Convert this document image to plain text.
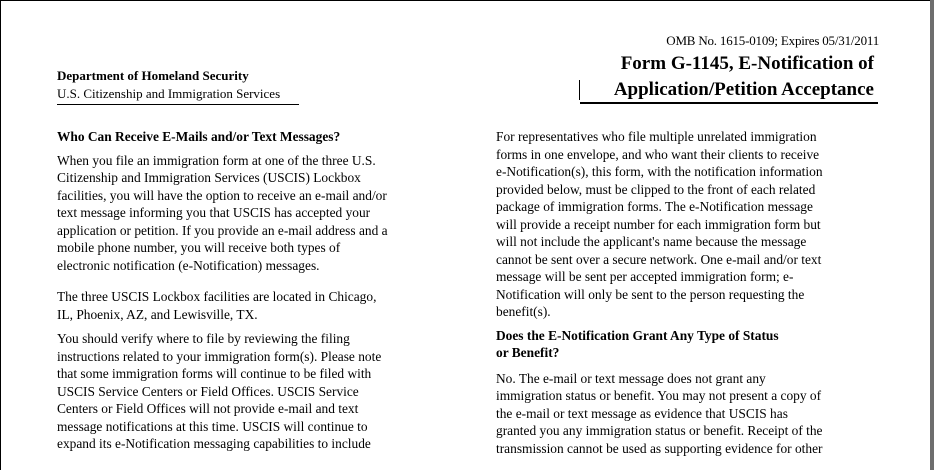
OMB No. 1615-0109; Expires 05/31/2011
Department of Homeland Security
U.S. Citizenship and Immigration Services
Form G-1145, E-Notification of
Application/Petition Acceptance
Who Can Receive E-Mails and/or Text Messages?

When you file an immigration form at one of the three U.S.
Citizenship and Immigration Services (USCIS) Lockbox
facilities, you will have the option to receive an e-mail and/or
text message informing you that USCIS has accepted your
application or petition. If you provide an e-mail address and a
mobile phone number, you will receive both types of
electronic notification (e-Notification) messages.

The three USCIS Lockbox facilities are located in Chicago,
IL, Phoenix, AZ, and Lewisville, TX.

You should verify where to file by reviewing the filing
instructions related to your immigration form(s). Please note
that some immigration forms will continue to be filed with
USCIS Service Centers or Field Offices. USCIS Service
Centers or Field Offices will not provide e-mail and text
message notifications at this time. USCIS will continue to
expand its e-Notification messaging capabilities to include

For representatives who file multiple unrelated immigration
forms in one envelope, and who want their clients to receive
e-Notification(s), this form, with the notification information
provided below, must be clipped to the front of each related
package of immigration forms. The e-Notification message
will provide a receipt number for each immigration form but
will not include the applicant's name because the message
cannot be sent over a secure network. One e-mail and/or text
message will be sent per accepted immigration form; e-
Notification will only be sent to the person requesting the
benefit(s).

Does the E-Notification Grant Any Type of Status
or Benefit?

No. The e-mail or text message does not grant any
immigration status or benefit. You may not present a copy of
the e-mail or text message as evidence that USCIS has
granted you any immigration status or benefit. Receipt of the
transmission cannot be used as supporting evidence for other
